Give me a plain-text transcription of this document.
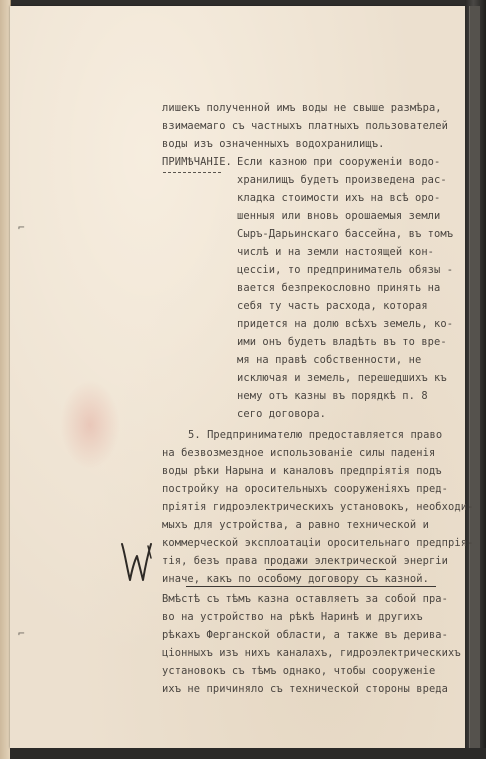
⌐
⌐

лишекъ полученной имъ воды не свыше размѣра,

взимаемаго съ частныхъ платныхъ пользователей

воды изъ означенныхъ водохранилищъ.

ПРИМѢЧАНІЕ.

Если казною при сооруженіи водо-

хранилищъ будетъ произведена рас-

кладка стоимости ихъ на всѣ оро-

шенныя или вновь орошаемыя земли

Сыръ-Дарьинскаго бассейна, въ томъ

числѣ и на земли настоящей кон-

цессіи, то предприниматель обязы -

вается безпрекословно принять на

себя ту часть расхода, которая

придется на долю всѣхъ земель, ко-

ими онъ будетъ владѣть въ то вре-

мя на правѣ собственности, не

исключая и земель, перешедшихъ къ

нему отъ казны въ порядкѣ п. 8

сего договора.

5. Предпринимателю предоставляется право

на безвозмездное использованіе силы паденія

воды рѣки Нарына и каналовъ предпріятія подъ

постройку на оросительныхъ сооруженіяхъ пред-

пріятія гидроэлектрическихъ установокъ, необходи-

мыхъ для устройства, а равно технической и

коммерческой эксплоатаціи оросительнаго предпрія-

тія, безъ права продажи электрической энергіи

иначе, какъ по особому договору съ казной.

Вмѣстѣ съ тѣмъ казна оставляетъ за собой пра-

во на устройство на рѣкѣ Наринѣ и другихъ

рѣкахъ Ферганской области, а также въ дерива-

ціонныхъ изъ нихъ каналахъ, гидроэлектрическихъ

установокъ съ тѣмъ однако, чтобы сооруженіе

ихъ не причиняло съ технической стороны вреда
